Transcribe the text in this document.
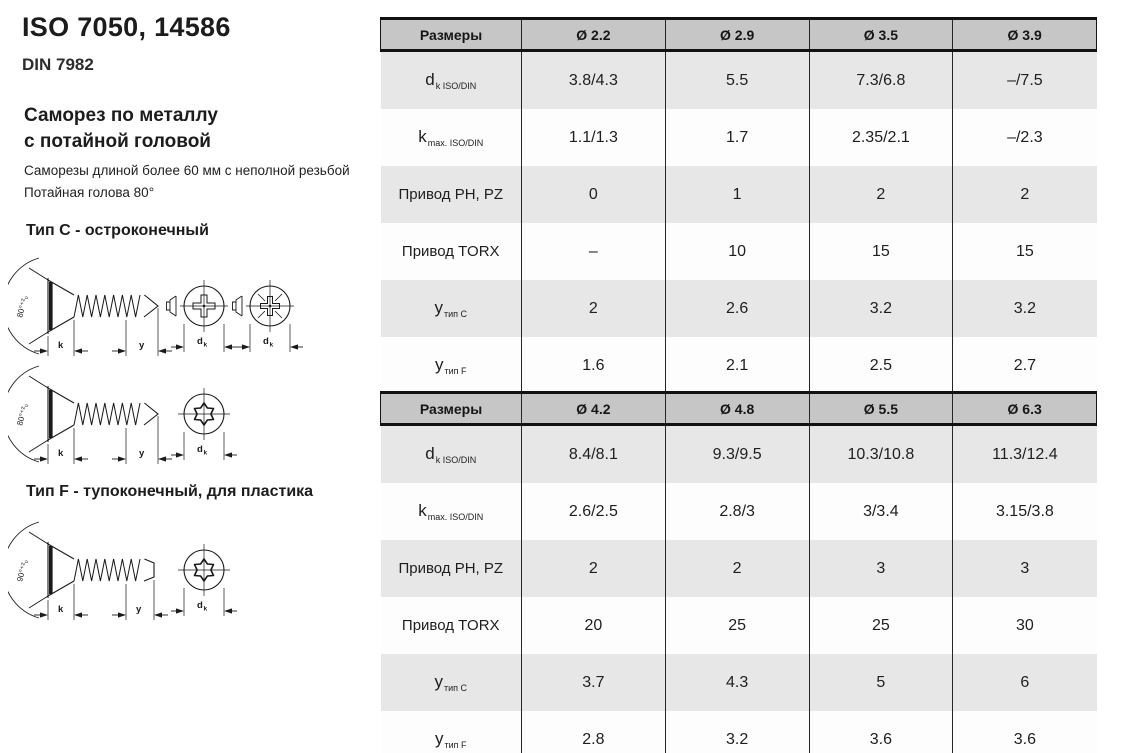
ISO 7050, 14586
DIN 7982
Саморез по металлу
с потайной головой
Саморезы длиной более 60 мм с неполной резьбой
Потайная голова 80°
Тип C - остроконечный
Тип F - тупоконечный, для пластика
80°⁺²₀
k	y	d k	d k
80°⁺²₀
k	y	d k
90°⁺²₀
k	y	d k
Размеры	Ø 2.2	Ø 2.9	Ø 3.5	Ø 3.9
$d_{k ISO/DIN}$	3.8/4.3	5.5	7.3/6.8	–/7.5
$k_{max. ISO/DIN}$	1.1/1.3	1.7	2.35/2.1	–/2.3
Привод PH, PZ	0	1	2	2
Привод TORX	–	10	15	15
$y_{тип C}$	2	2.6	3.2	3.2
$y_{тип F}$	1.6	2.1	2.5	2.7
Размеры	Ø 4.2	Ø 4.8	Ø 5.5	Ø 6.3
$d_{k ISO/DIN}$	8.4/8.1	9.3/9.5	10.3/10.8	11.3/12.4
$k_{max. ISO/DIN}$	2.6/2.5	2.8/3	3/3.4	3.15/3.8
Привод PH, PZ	2	2	3	3
Привод TORX	20	25	25	30
$y_{тип C}$	3.7	4.3	5	6
$y_{тип F}$	2.8	3.2	3.6	3.6
